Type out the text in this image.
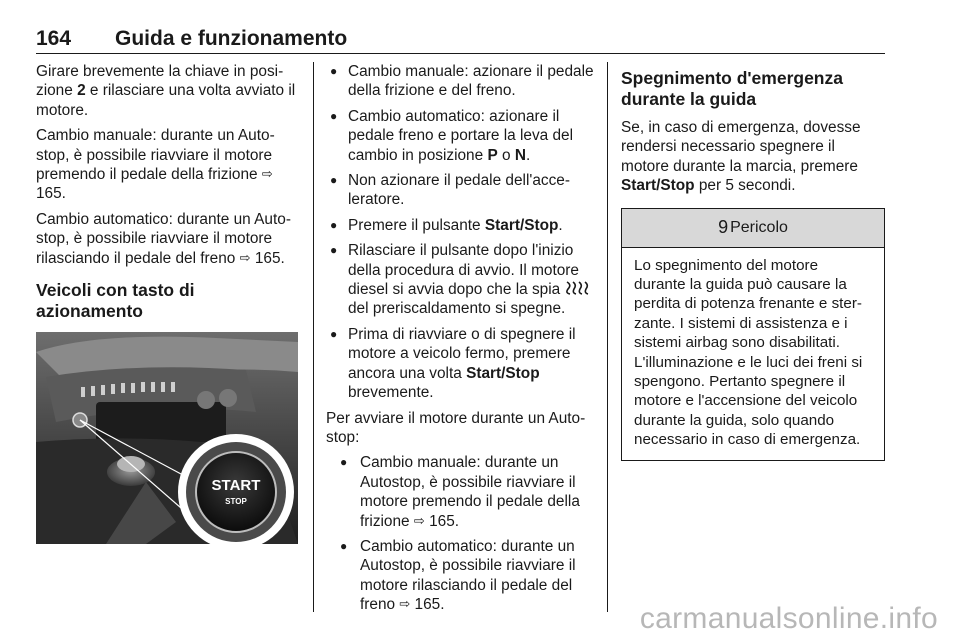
164 Guida e funzionamento

Girare brevemente la chiave in posi-zione 2 e rilasciare una volta avviato il motore.

Cambio manuale: durante un Auto-stop, è possibile riavviare il motore premendo il pedale della frizione ⇨ 165.

Cambio automatico: durante un Auto-stop, è possibile riavviare il motore rilasciando il pedale del freno ⇨ 165.

Veicoli con tasto di azionamento
START
STOP
● Cambio manuale: azionare il pedale della frizione e del freno.
● Cambio automatico: azionare il pedale freno e portare la leva del cambio in posizione P o N.
● Non azionare il pedale dell'acce-leratore.
● Premere il pulsante Start/Stop.
● Rilasciare il pulsante dopo l'inizio della procedura di avvio. Il motore diesel si avvia dopo che la spia  del preriscaldamento si spegne.
● Prima di riavviare o di spegnere il motore a veicolo fermo, premere ancora una volta Start/Stop brevemente.

Per avviare il motore durante un Auto-stop:

● Cambio manuale: durante un Autostop, è possibile riavviare il motore premendo il pedale della frizione ⇨ 165.
● Cambio automatico: durante un Autostop, è possibile riavviare il motore rilasciando il pedale del freno ⇨ 165.
Spegnimento d'emergenza durante la guida

Se, in caso di emergenza, dovesse rendersi necessario spegnere il motore durante la marcia, premere Start/Stop per 5 secondi.

9 Pericolo
Lo spegnimento del motore durante la guida può causare la perdita di potenza frenante e ster-zante. I sistemi di assistenza e i sistemi airbag sono disabilitati.
L'illuminazione e le luci dei freni si spengono. Pertanto spegnere il motore e l'accensione del veicolo durante la guida, solo quando necessario in caso di emergenza.
carmanualsonline.info
